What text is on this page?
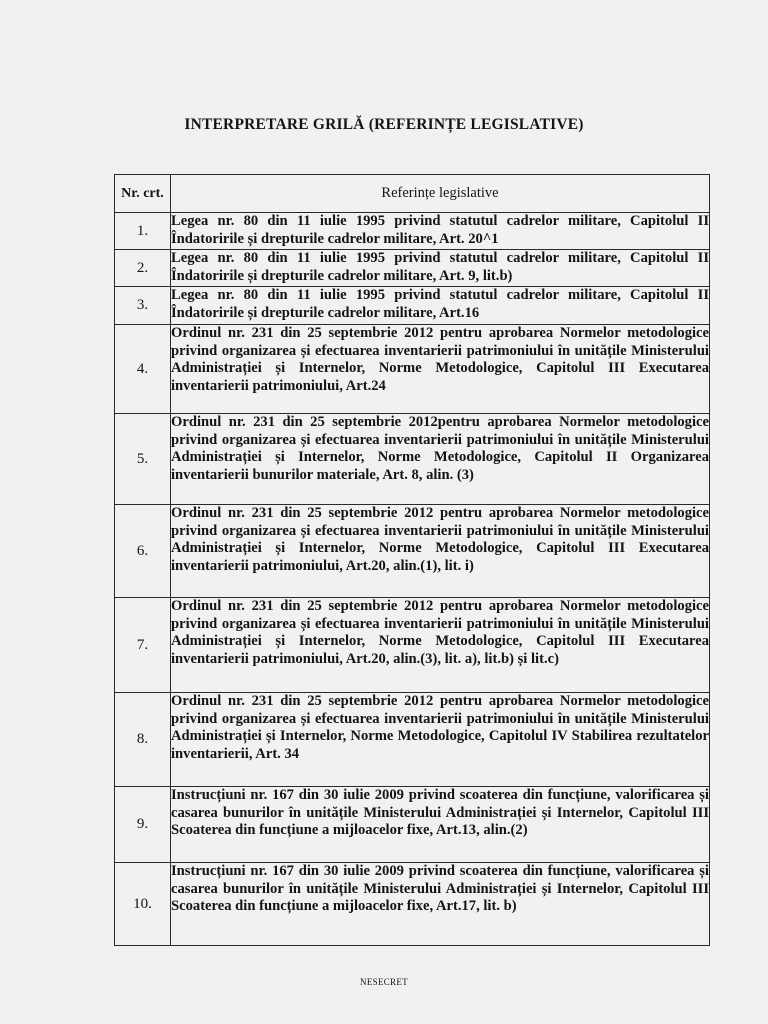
INTERPRETARE GRILĂ (REFERINȚE LEGISLATIVE)
Nr. crt.	Referințe legislative
1.	Legea nr. 80 din 11 iulie 1995 privind statutul cadrelor militare, Capitolul II Îndatoririle și drepturile cadrelor militare, Art. 20^1
2.	Legea nr. 80 din 11 iulie 1995 privind statutul cadrelor militare, Capitolul II Îndatoririle și drepturile cadrelor militare, Art. 9, lit.b)
3.	Legea nr. 80 din 11 iulie 1995 privind statutul cadrelor militare, Capitolul II Îndatoririle și drepturile cadrelor militare, Art.16
4.	Ordinul nr. 231 din 25 septembrie 2012 pentru aprobarea Normelor metodologice privind organizarea și efectuarea inventarierii patrimoniului în unitățile Ministerului Administrației și Internelor, Norme Metodologice, Capitolul III Executarea inventarierii patrimoniului, Art.24
5.	Ordinul nr. 231 din 25 septembrie 2012pentru aprobarea Normelor metodologice privind organizarea și efectuarea inventarierii patrimoniului în unitățile Ministerului Administrației și Internelor, Norme Metodologice, Capitolul II Organizarea inventarierii bunurilor materiale, Art. 8, alin. (3)
6.	Ordinul nr. 231 din 25 septembrie 2012 pentru aprobarea Normelor metodologice privind organizarea și efectuarea inventarierii patrimoniului în unitățile Ministerului Administrației și Internelor, Norme Metodologice, Capitolul III Executarea inventarierii patrimoniului, Art.20, alin.(1), lit. i)
7.	Ordinul nr. 231 din 25 septembrie 2012 pentru aprobarea Normelor metodologice privind organizarea și efectuarea inventarierii patrimoniului în unitățile Ministerului Administrației și Internelor, Norme Metodologice, Capitolul III Executarea inventarierii patrimoniului, Art.20, alin.(3), lit. a), lit.b) și lit.c)
8.	Ordinul nr. 231 din 25 septembrie 2012 pentru aprobarea Normelor metodologice privind organizarea și efectuarea inventarierii patrimoniului în unitățile Ministerului Administrației și Internelor, Norme Metodologice, Capitolul IV Stabilirea rezultatelor inventarierii, Art. 34
9.	Instrucțiuni nr. 167 din 30 iulie 2009 privind scoaterea din funcțiune, valorificarea și casarea bunurilor în unitățile Ministerului Administrației și Internelor, Capitolul III Scoaterea din funcțiune a mijloacelor fixe, Art.13, alin.(2)
10.	Instrucțiuni nr. 167 din 30 iulie 2009 privind scoaterea din funcțiune, valorificarea și casarea bunurilor în unitățile Ministerului Administrației și Internelor, Capitolul III Scoaterea din funcțiune a mijloacelor fixe, Art.17, lit. b)
NESECRET
